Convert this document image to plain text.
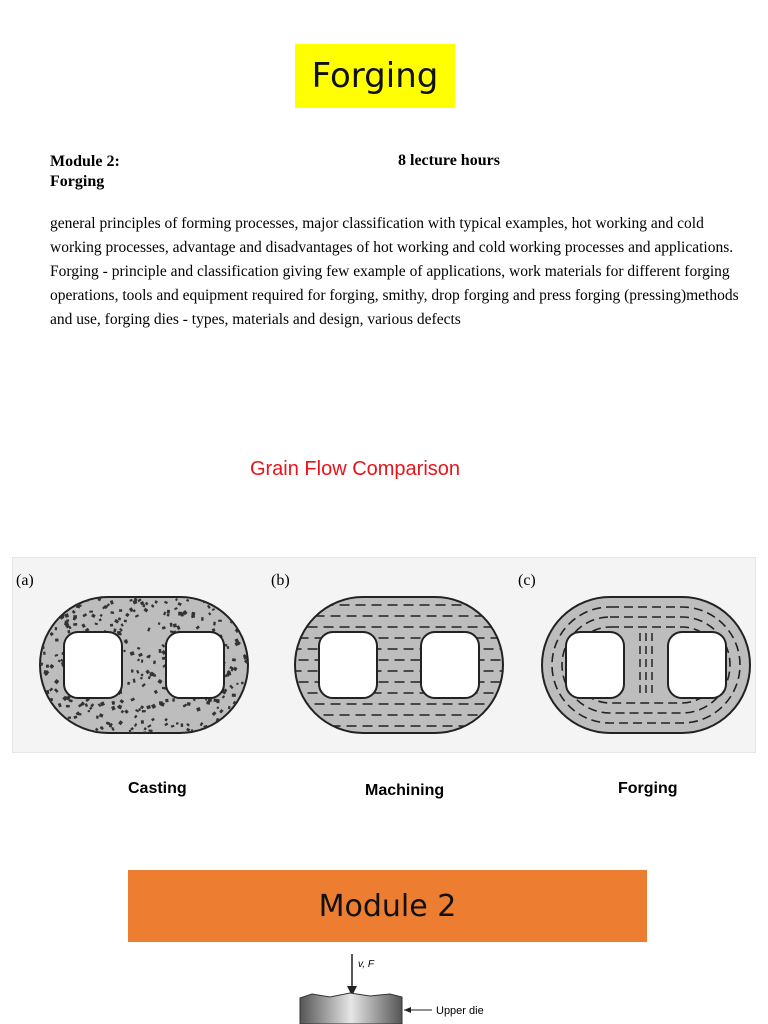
Forging
Module 2:
Forging
8 lecture hours

general principles of forming processes, major classification with typical examples, hot working and cold working processes, advantage and disadvantages of hot working and cold working processes and applications. Forging - principle and classification giving few example of applications, work materials for different forging operations, tools and equipment required for forging, smithy, drop forging and press forging (pressing)methods and use, forging dies - types, materials and design, various defects

Grain Flow Comparison
(a)	(b)	(c)
Casting	Machining	Forging
Module 2
v, F
Upper die
